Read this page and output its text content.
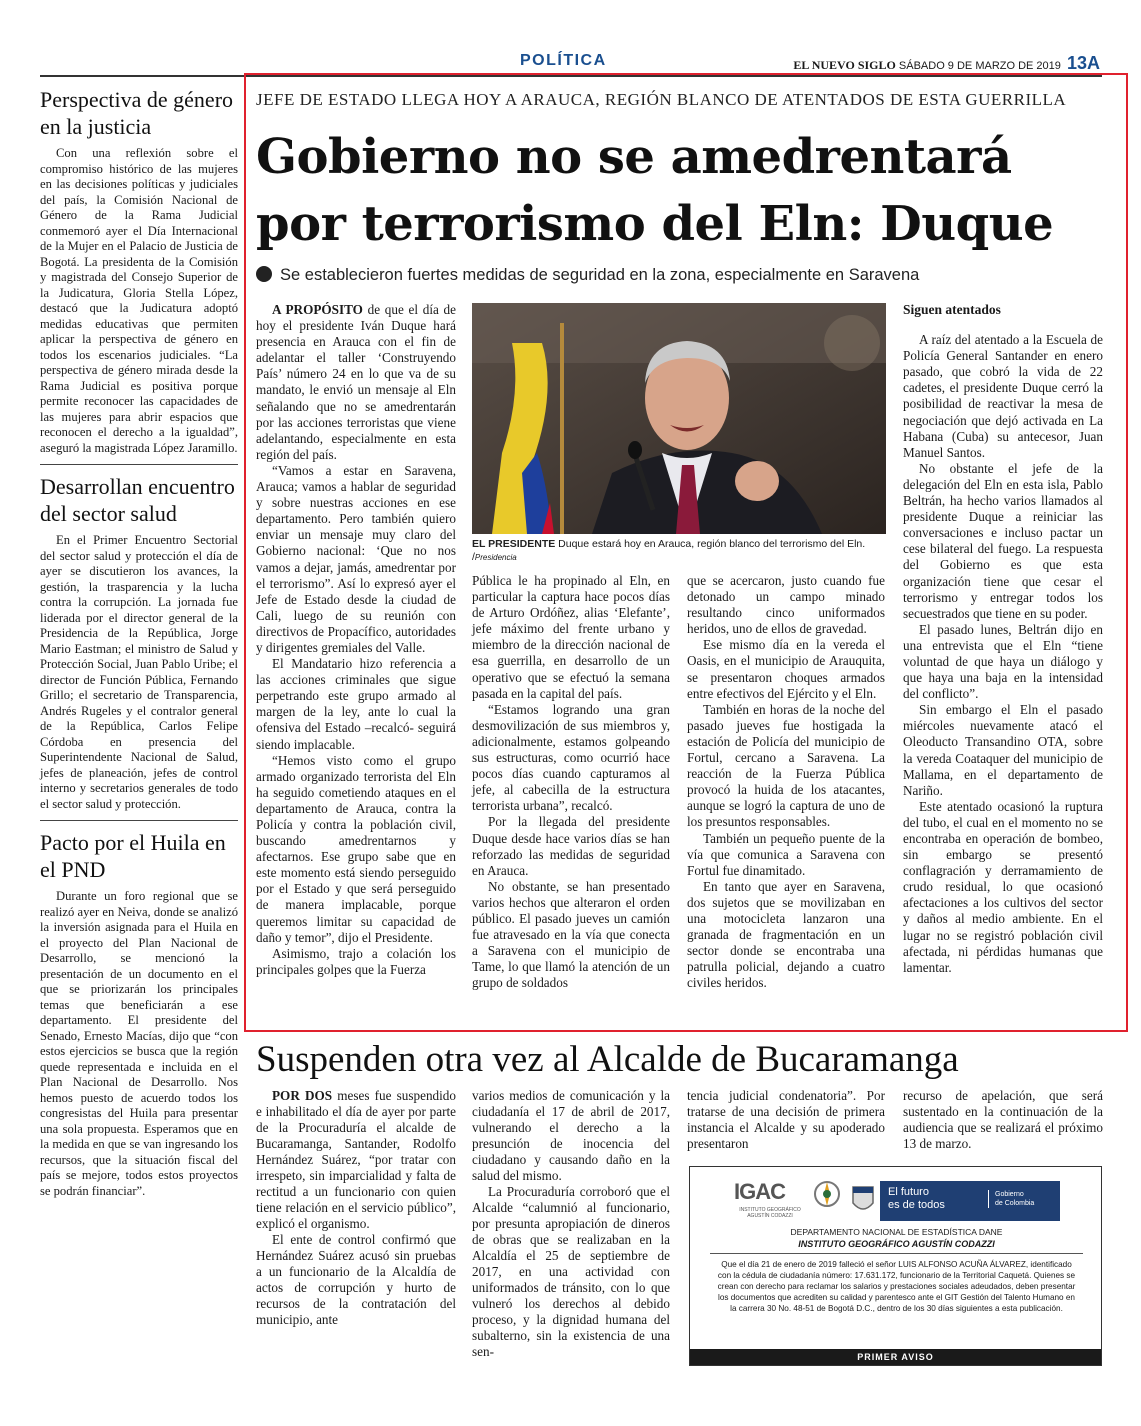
POLÍTICA	EL NUEVO SIGLO SÁBADO 9 DE MARZO DE 2019 13A
Perspectiva de género en la justicia
Con una reflexión sobre el compromiso histórico de las mujeres en las decisiones políticas y judiciales del país, la Comisión Nacional de Género de la Rama Judicial conmemoró ayer el Día Internacional de la Mujer en el Palacio de Justicia de Bogotá. La presidenta de la Comisión y magistrada del Consejo Superior de la Judicatura, Gloria Stella López, destacó que la Judicatura adoptó medidas educativas que permiten aplicar la perspectiva de género en todos los escenarios judiciales. “La perspectiva de género mirada desde la Rama Judicial es positiva porque permite reconocer las capacidades de las mujeres para abrir espacios que reconocen el derecho a la igualdad”, aseguró la magistrada López Jaramillo.
Desarrollan encuentro del sector salud
En el Primer Encuentro Sectorial del sector salud y protección el día de ayer se discutieron los avances, la gestión, la trasparencia y la lucha contra la corrupción. La jornada fue liderada por el director general de la Presidencia de la República, Jorge Mario Eastman; el ministro de Salud y Protección Social, Juan Pablo Uribe; el director de Función Pública, Fernando Grillo; el secretario de Transparencia, Andrés Rugeles y el contralor general de la República, Carlos Felipe Córdoba en presencia del Superintendente Nacional de Salud, jefes de planeación, jefes de control interno y secretarios generales de todo el sector salud y protección.
Pacto por el Huila en el PND
Durante un foro regional que se realizó ayer en Neiva, donde se analizó la inversión asignada para el Huila en el proyecto del Plan Nacional de Desarrollo, se mencionó la presentación de un documento en el que se priorizarán los principales temas que beneficiarán a ese departamento. El presidente del Senado, Ernesto Macías, dijo que “con estos ejercicios se busca que la región quede representada e incluida en el Plan Nacional de Desarrollo. Nos hemos puesto de acuerdo todos los congresistas del Huila para presentar una sola propuesta. Esperamos que en la medida en que se van ingresando los recursos, que la situación fiscal del país se mejore, todos estos proyectos se podrán financiar”.
JEFE DE ESTADO LLEGA HOY A ARAUCA, REGIÓN BLANCO DE ATENTADOS DE ESTA GUERRILLA
Gobierno no se amedrentará por terrorismo del Eln: Duque
Se establecieron fuertes medidas de seguridad en la zona, especialmente en Saravena

A PROPÓSITO de que el día de hoy el presidente Iván Duque hará presencia en Arauca con el fin de adelantar el taller ‘Construyendo País’ número 24 en lo que va de su mandato, le envió un mensaje al Eln señalando que no se amedrentarán por las acciones terroristas que viene adelantando, especialmente en esta región del país.

“Vamos a estar en Saravena, Arauca; vamos a hablar de seguridad y sobre nuestras acciones en ese departamento. Pero también quiero enviar un mensaje muy claro del Gobierno nacional: ‘Que no nos vamos a dejar, jamás, amedrentar por el terrorismo”. Así lo expresó ayer el Jefe de Estado desde la ciudad de Cali, luego de su reunión con directivos de Propacífico, autoridades y dirigentes gremiales del Valle.

El Mandatario hizo referencia a las acciones criminales que sigue perpetrando este grupo armado al margen de la ley, ante lo cual la ofensiva del Estado –recalcó- seguirá siendo implacable.

“Hemos visto como el grupo armado organizado terrorista del Eln ha seguido cometiendo ataques en el departamento de Arauca, contra la Policía y contra la población civil, buscando amedrentarnos y afectarnos. Ese grupo sabe que en este momento está siendo perseguido por el Estado y que será perseguido de manera implacable, porque queremos limitar su capacidad de daño y temor”, dijo el Presidente.

Asimismo, trajo a colación los principales golpes que la Fuerza

EL PRESIDENTE Duque estará hoy en Arauca, región blanco del terrorismo del Eln. /Presidencia

Pública le ha propinado al Eln, en particular la captura hace pocos días de Arturo Ordóñez, alias ‘Elefante’, jefe máximo del frente urbano y miembro de la dirección nacional de esa guerrilla, en desarrollo de un operativo que se efectuó la semana pasada en la capital del país.

“Estamos logrando una gran desmovilización de sus miembros y, adicionalmente, estamos golpeando sus estructuras, como ocurrió hace pocos días cuando capturamos al jefe, al cabecilla de la estructura terrorista urbana”, recalcó.

Por la llegada del presidente Duque desde hace varios días se han reforzado las medidas de seguridad en Arauca.

No obstante, se han presentado varios hechos que alteraron el orden público. El pasado jueves un camión fue atravesado en la vía que conecta a Saravena con el municipio de Tame, lo que llamó la atención de un grupo de soldados

que se acercaron, justo cuando fue detonado un campo minado resultando cinco uniformados heridos, uno de ellos de gravedad.

Ese mismo día en la vereda el Oasis, en el municipio de Arauquita, se presentaron choques armados entre efectivos del Ejército y el Eln.

También en horas de la noche del pasado jueves fue hostigada la estación de Policía del municipio de Fortul, cercano a Saravena. La reacción de la Fuerza Pública provocó la huida de los atacantes, aunque se logró la captura de uno de los presuntos responsables.

También un pequeño puente de la vía que comunica a Saravena con Fortul fue dinamitado.

En tanto que ayer en Saravena, dos sujetos que se movilizaban en una motocicleta lanzaron una granada de fragmentación en un sector donde se encontraba una patrulla policial, dejando a cuatro civiles heridos.

Siguen atentados

A raíz del atentado a la Escuela de Policía General Santander en enero pasado, que cobró la vida de 22 cadetes, el presidente Duque cerró la posibilidad de reactivar la mesa de negociación que dejó activada en La Habana (Cuba) su antecesor, Juan Manuel Santos.

No obstante el jefe de la delegación del Eln en esta isla, Pablo Beltrán, ha hecho varios llamados al presidente Duque a reiniciar las conversaciones e incluso pactar un cese bilateral del fuego. La respuesta del Gobierno es que esta organización tiene que cesar el terrorismo y entregar todos los secuestrados que tiene en su poder.

El pasado lunes, Beltrán dijo en una entrevista que el Eln “tiene voluntad de que haya un diálogo y que haya una baja en la intensidad del conflicto”.

Sin embargo el Eln el pasado miércoles nuevamente atacó el Oleoducto Transandino OTA, sobre la vereda Coataquer del municipio de Mallama, en el departamento de Nariño.

Este atentado ocasionó la ruptura del tubo, el cual en el momento no se encontraba en operación de bombeo, sin embargo se presentó conflagración y derramamiento de crudo residual, lo que ocasionó afectaciones a los cultivos del sector y daños al medio ambiente. En el lugar no se registró población civil afectada, ni pérdidas humanas que lamentar.

Suspenden otra vez al Alcalde de Bucaramanga

POR DOS meses fue suspendido e inhabilitado el día de ayer por parte de la Procuraduría el alcalde de Bucaramanga, Santander, Rodolfo Hernández Suárez, “por tratar con irrespeto, sin imparcialidad y falta de rectitud a un funcionario con quien tiene relación en el servicio público”, explicó el organismo.

El ente de control confirmó que Hernández Suárez acusó sin pruebas a un funcionario de la Alcaldía de actos de corrupción y hurto de recursos de la contratación del municipio, ante

varios medios de comunicación y la ciudadanía el 17 de abril de 2017, vulnerando el derecho a la presunción de inocencia del ciudadano y causando daño en la salud del mismo.

La Procuraduría corroboró que el Alcalde “calumnió al funcionario, por presunta apropiación de dineros de obras que se realizaban en la Alcaldía el 25 de septiembre de 2017, en una actividad con uniformados de tránsito, con lo que vulneró los derechos al debido proceso, y la dignidad humana del subalterno, sin la existencia de una sen-

tencia judicial condenatoria”. Por tratarse de una decisión de primera instancia el Alcalde y su apoderado presentaron

recurso de apelación, que será sustentado en la continuación de la audiencia que se realizará el próximo 13 de marzo.

IGAC
INSTITUTO GEOGRÁFICO AGUSTÍN CODAZZI
El futuro
es de todos
Gobierno
de Colombia
DEPARTAMENTO NACIONAL DE ESTADÍSTICA DANE
INSTITUTO GEOGRÁFICO AGUSTÍN CODAZZI
Que el día 21 de enero de 2019 falleció el señor LUIS ALFONSO ACUÑA ÁLVAREZ, identificado con la cédula de ciudadanía número: 17.631.172, funcionario de la Territorial Caquetá. Quienes se crean con derecho para reclamar los salarios y prestaciones sociales adeudados, deben presentar los documentos que acrediten su calidad y parentesco ante el GIT Gestión del Talento Humano en la carrera 30 No. 48-51 de Bogotá D.C., dentro de los 30 días siguientes a esta publicación.
PRIMER AVISO
